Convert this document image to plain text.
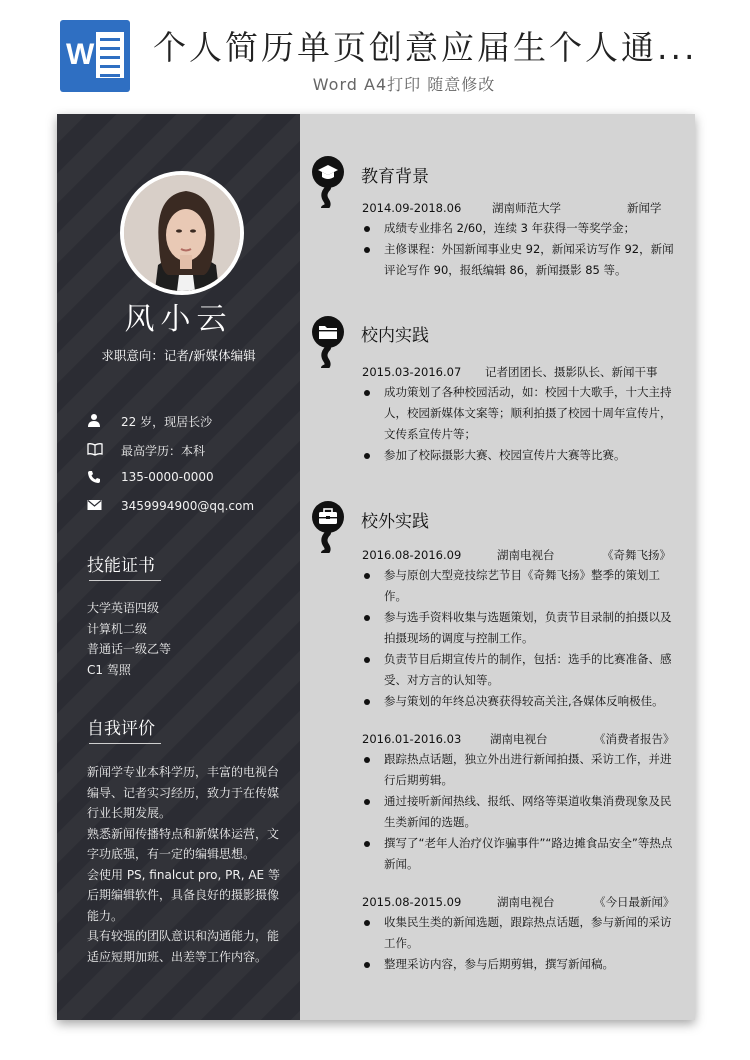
W 个人简历单页创意应届生个人通...
Word A4打印 随意修改
风小云
求职意向：记者/新媒体编辑
22 岁，现居长沙
最高学历：本科
135-0000-0000
3459994900@qq.com
技能证书
大学英语四级
计算机二级
普通话一级乙等
C1 驾照
自我评价
新闻学专业本科学历，丰富的电视台
编导、记者实习经历，致力于在传媒
行业长期发展。
熟悉新闻传播特点和新媒体运营，文
字功底强，有一定的编辑思想。
会使用 PS, finalcut pro, PR, AE 等
后期编辑软件，具备良好的摄影摄像
能力。
具有较强的团队意识和沟通能力，能
适应短期加班、出差等工作内容。
教育背景
2014.09-2018.06	湖南师范大学	新闻学
成绩专业排名 2/60，连续 3 年获得一等奖学金；
主修课程：外国新闻事业史 92，新闻采访写作 92，新闻评论写作 90，报纸编辑 86，新闻摄影 85 等。
校内实践
2015.03-2016.07 记者团团长、摄影队长、新闻干事
成功策划了各种校园活动，如：校园十大歌手，十大主持人，校园新媒体文案等；顺利拍摄了校园十周年宣传片，文传系宣传片等；
参加了校际摄影大赛、校园宣传片大赛等比赛。
校外实践
2016.08-2016.09	湖南电视台	《奇舞飞扬》
参与原创大型竞技综艺节目《奇舞飞扬》整季的策划工作。
参与选手资料收集与选题策划，负责节目录制的拍摄以及拍摄现场的调度与控制工作。
负责节目后期宣传片的制作，包括：选手的比赛准备、感受、对方言的认知等。
参与策划的年终总决赛获得较高关注,各媒体反响极佳。
2016.01-2016.03 湖南电视台	《消费者报告》
跟踪热点话题，独立外出进行新闻拍摄、采访工作，并进行后期剪辑。
通过接听新闻热线、报纸、网络等渠道收集消费现象及民生类新闻的选题。
撰写了“老年人治疗仪诈骗事件”“路边摊食品安全”等热点新闻。
2015.08-2015.09	湖南电视台	《今日最新闻》
收集民生类的新闻选题，跟踪热点话题，参与新闻的采访工作。
整理采访内容，参与后期剪辑，撰写新闻稿。
